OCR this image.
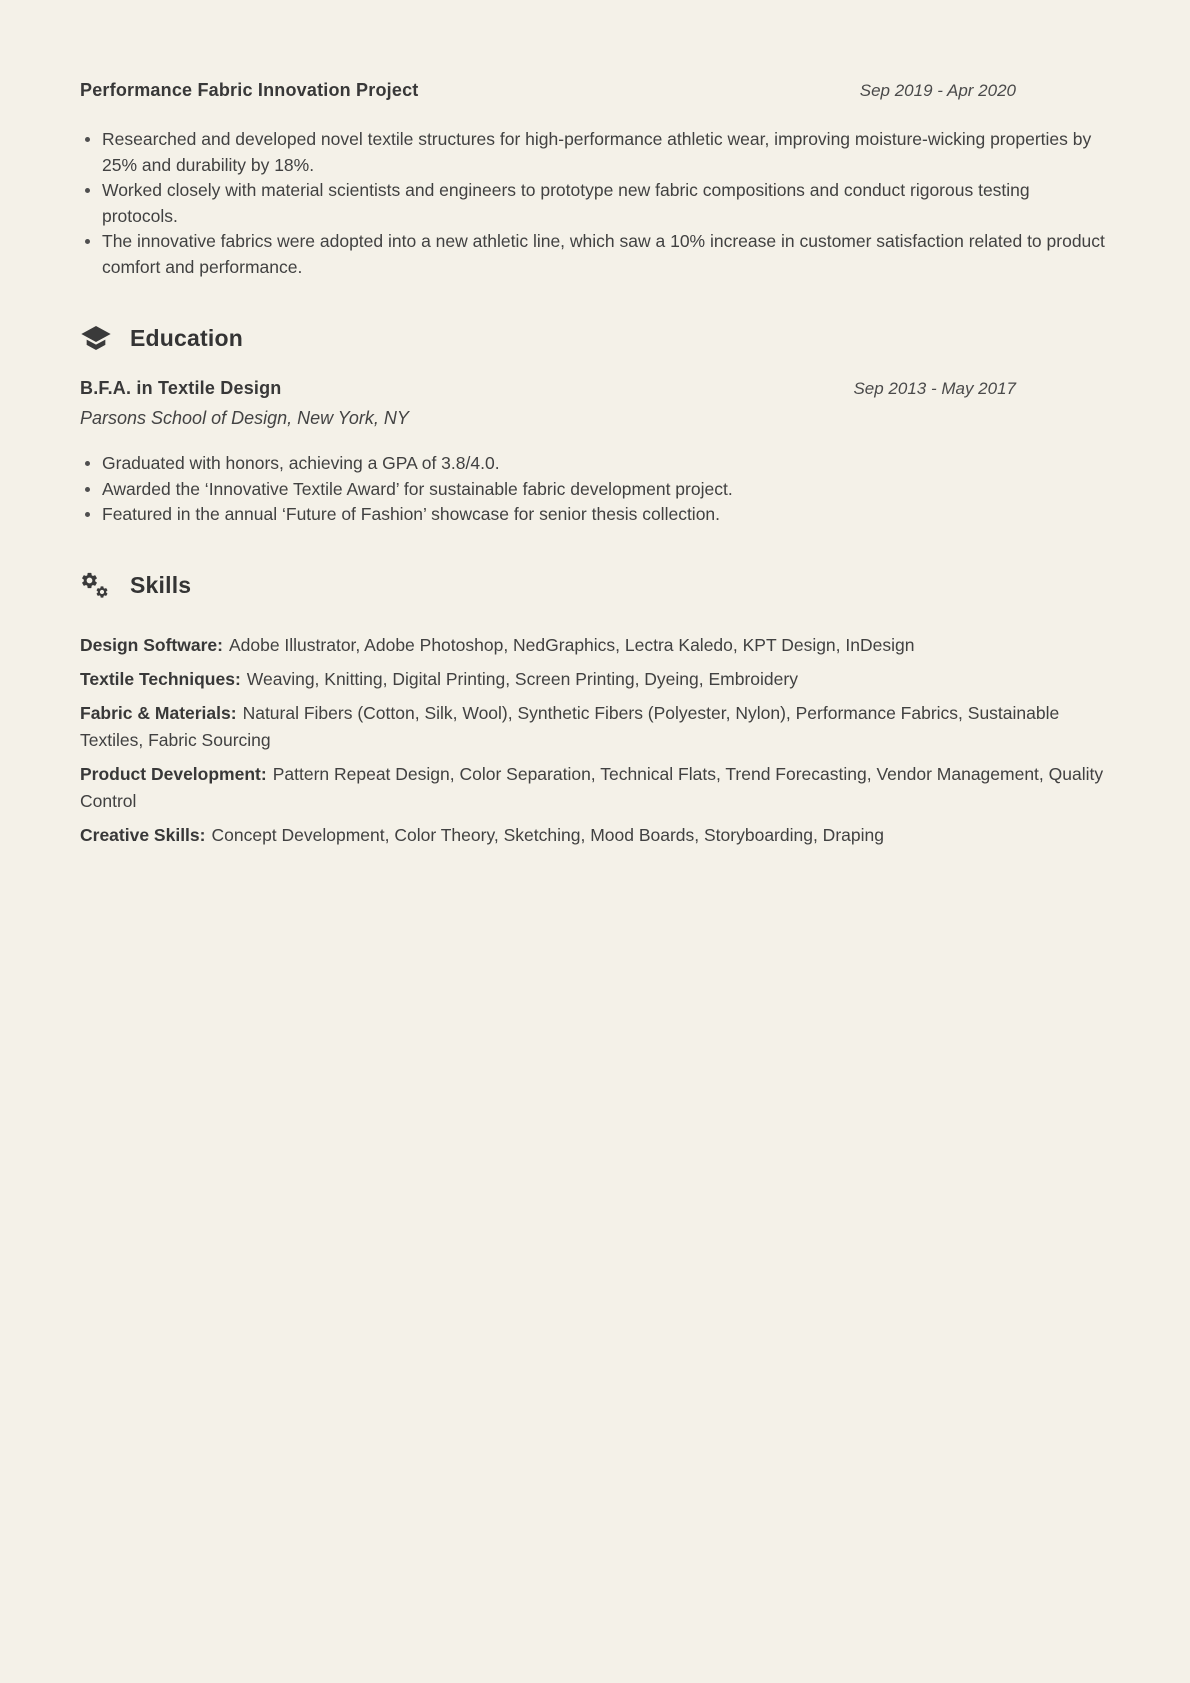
Performance Fabric Innovation Project	Sep 2019 - Apr 2020
Researched and developed novel textile structures for high-performance athletic wear, improving moisture-wicking properties by 25% and durability by 18%.
Worked closely with material scientists and engineers to prototype new fabric compositions and conduct rigorous testing protocols.
The innovative fabrics were adopted into a new athletic line, which saw a 10% increase in customer satisfaction related to product comfort and performance.
Education
B.F.A. in Textile Design	Sep 2013 - May 2017

Parsons School of Design, New York, NY

Graduated with honors, achieving a GPA of 3.8/4.0.
Awarded the ‘Innovative Textile Award’ for sustainable fabric development project.
Featured in the annual ‘Future of Fashion’ showcase for senior thesis collection.
Skills

Design Software: Adobe Illustrator, Adobe Photoshop, NedGraphics, Lectra Kaledo, KPT Design, InDesign

Textile Techniques: Weaving, Knitting, Digital Printing, Screen Printing, Dyeing, Embroidery

Fabric & Materials: Natural Fibers (Cotton, Silk, Wool), Synthetic Fibers (Polyester, Nylon), Performance Fabrics, Sustainable Textiles, Fabric Sourcing

Product Development: Pattern Repeat Design, Color Separation, Technical Flats, Trend Forecasting, Vendor Management, Quality Control

Creative Skills: Concept Development, Color Theory, Sketching, Mood Boards, Storyboarding, Draping
